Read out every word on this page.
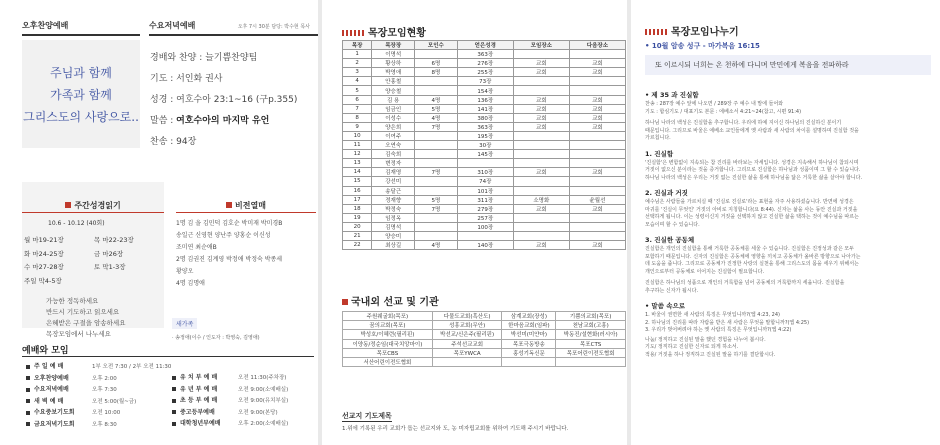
오후찬양예배	수요저녁예배	오후 7시 30분 담당: 박수현 목사
주님과 함께
가족과 함께
그리스도의 사랑으로..
경배와 찬양 : 늘기쁨찬양팀
기도 : 서인화 권사
성경 : 여호수아 23:1~16 (구p.355)
말씀 : 여호수아의 마지막 유언
찬송 : 94장
주간성경읽기
10.6 - 10.12 (40회)
월 마19-21장	목 마22-23장
화 마24-25장	금 마26장
수 마27-28장	토 막1-3장
주일 막4-5장
가능한 정독하세요
반드시 기도하고 읽으세요
은혜받은 구절을 암송하세요
목장모임에서 나누세요
비전열매
1명 김 을 김민덕 김호순 박미재 박미경B
송일근 신영현 양난주 양홍순 이신성
조미연 최순애B
2명 김권진 김계영 박정애 박정숙 박종세
황양오
4명 김명애
새가족
· 송정애(이수 / 인도자 : 박영숙, 김영애)
예배와 모임
주 일 예 배	1부 오전 7:30 / 2부 오전 11:30
오후찬양예배	오후 2:00
수요저녁예배	오후 7:30
새 벽 예 배	오전 5:00(월~금)
수요중보기도회	오전 10:00
금요저녁기도회	오후 8:30
유 치 부 예 배	오전 11:30(주차장)
유 년 부 예 배	오전 9:00(소예배실)
초 등 부 예 배	오전 9:00(유치부실)
중고등부예배	오전 9:00(본당)
대학청년부예배	오후 2:00(소예배실)
목장모임현황
목장	목장장	모인수	얻은성경	모임장소	다음장소
1	이명석		363장		
2	황상하	6명	276장	교회	교회
3	박영애	8명	255장	교회	교회
4	안홍철		73장		
5	양승철		154장		
6	김 용	4명	136장	교회	교회
7	임금인	5명	141장	교회	교회
8	이성수	4명	380장	교회	교회
9	양은희	7명	363장	교회	교회
10	이여주		195장		
11	오연숙		30장		
12	김숙희		145장		
13	변정자				
14	김재영	7명	310장	교회	교회
15	강선미		74장		
16	송달근		101장		
17	정재향	5명	311장	소명화	윤월선
18	박정숙	7명	279장	교회	교회
19	임정옥		257장		
20	김명석		100장		
21	양승미				
22	최상길	4명	140장	교회	교회
국내외 선교 및 기관
주원웨굴회(목포)	다물도교회(흑산도)	삼계교회(장성)	기쁨의교회(목포)
꿈의교회(목포)	성흥교회(무안)	한마음교회(임파)	천남교회(고흥)
박성호/이혜련(필리핀)	박선교/신은주(필리핀)	박선미(미얀마)	박동진/설현화(러시아)
이양동/정순임(대국치앙마이)	주석선교교회	목포극동방송	목포CTS
목포CBS	목포YWCA	홍성기독신문	목포어린이전도협회
서산어린이전도협회			
선교지 기도제목
1.위에 기록된 우리 교회가 돕는 선교지와 도, 농 미자립교회를 위하여 기도해 주시기 바랍니다.
목장모임나누기
• 10월 암송 성구 - 마가복음 16:15
또 이르시되 너희는 온 천하에 다니며 만민에게 복음을 전파하라
• 제 35 과 진실함

찬송 : 287장 예수 앞에 나오면 / 289장 주 예수 내 맘에 들어와

기도 : 합심기도 / 대표기도 본문 : 에베소서 4:21~24(참고, 시편 91:4)

하나님 나라의 백성은 진실함을 추구합니다. 우리에 하예 지이신 하나님의 진실하신 분이기

때문입니다. 그리므로 바울은 에베소 교인들에게 옛 사람과 새 사람의 차이를 설명하며 진실함 것을

가르칩니다.

1. 진실함

'진실함'은 변함없이 지속되는 참 진리를 바라보는 자세입니다. 성경은 지속해서 하나님이 참되시며

거짓이 없으신 분이라는 것을 증거합니다. 그리므로 진실함은 하나님과 성품이며 그 할 수 있습니다.

하나님 나라의 백성은 우리는 거짓 없는 진실한 삶을 통해 하나님을 닮은 거룩한 삶을 살아야 합니다.

2. 진실과 거짓

예수님은 사람들을 가르치실 때 '진실로 진실로'라는 표현을 자주 사용하셨습니다. 반면에 성경은

마귀를 '진실이 무엇인' 거짓의 아비로 지칭합니다(요 8:44). 신자는 삶을 사는 동안 진실과 거짓을

선택하게 됩니다. 이는 성령이신지 거짓을 선택하지 않고 진실한 삶을 택하는 것이 예수님을 따르는

모습이며 할 수 있습니다.

3. 진실한 공동체

진실함은 개인의 진실함을 통해 거룩한 공동체를 세울 수 있습니다. 진실함은 진정성과 같은 모두

포함하기 때문입니다. 신자의 진실함은 공동체에 영향을 끼치고 공동체가 올바른 방향으로 나아가는

데 도움을 줍니다. 그리므로 공동체가 진정한 사랑의 실천을 통해 그리스도의 몸을 세우기 위해서는

개인으로부터 공동체로 이어지는 진실함이 필요합니다.

진실함은 하나님의 성품으로 개인의 거룩함을 넘어 공동체의 거룩함까지 세웁니다. 진실함을

추구하는 신자가 됩시다.

• 말씀 속으로

1. 바울이 권면한 새 사람의 특징은 무엇입니까?(엡 4:23, 24)

2. 하나님의 진리를 따라 자람을 받은 새 사람은 무엇을 말합니까?(엡 4:25)

3. 우리가 벗어버려야 하는 옛 사람의 특징은 무엇입니까?(엡 4:22)

나눔/ 정직하고 진실된 말을 했던 경험을 나누어 봅시다.

기도/ 정직하고 진실한 신자로 되게 하소서.

적용/ 거짓을 하나 정직하고 진실된 말을 하기를 결단합시다.
